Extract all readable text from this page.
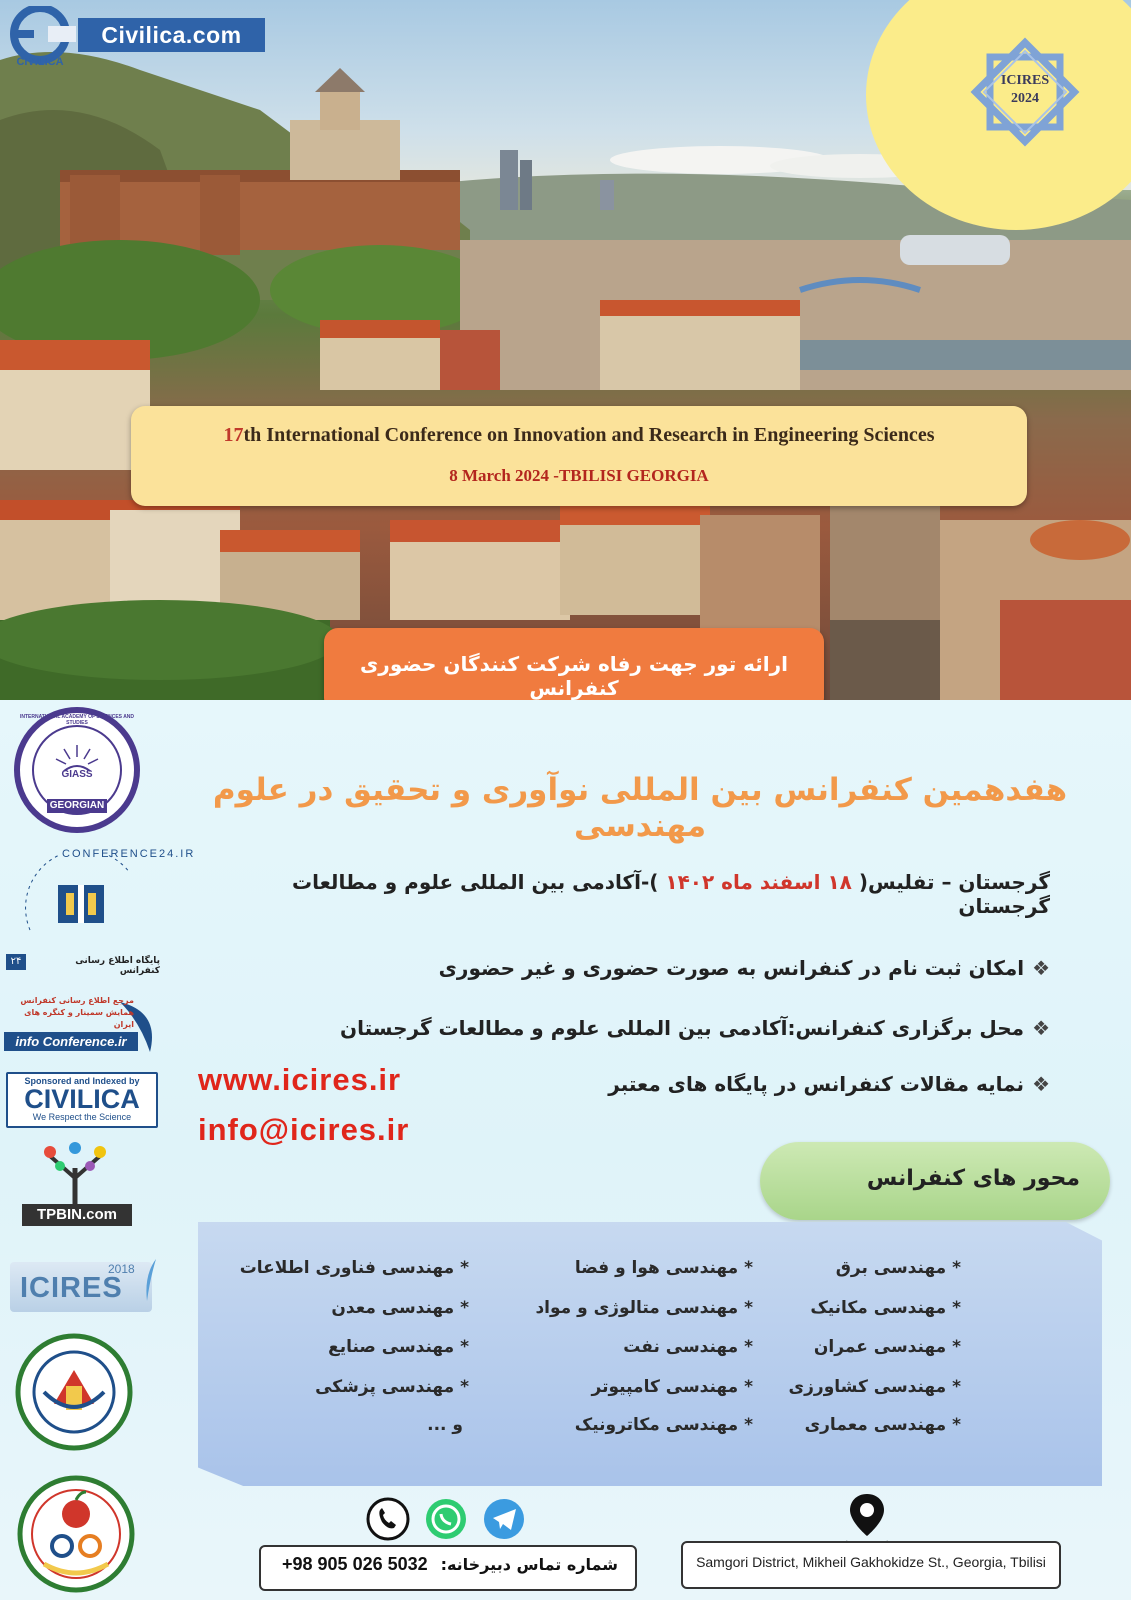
CIVILICA
Civilica.com
ICIRES
2024
17th International Conference on Innovation and Research in Engineering Sciences
8 March 2024 -TBILISI GEORGIA
ارائه تور جهت رفاه شرکت کنندگان حضوری کنفرانس
GIASS
INTERNATIONAL ACADEMY OF SCIENCES AND STUDIES
GEORGIAN
CONFERENCE24.IR
پایگاه اطلاع رسانی کنفرانس
۲۴
مرجع اطلاع رسانی کنفرانس همایش سمینار و کنگره های ایران
info Conference.ir
Sponsored and Indexed by
CIVILICA
We Respect the Science
TPBIN.com
ICIRES
2018
هفدهمین کنفرانس بین المللی نوآوری و تحقیق در علوم مهندسی
گرجستان – تفلیس( ۱۸ اسفند ماه ۱۴۰۲ )-آکادمی بین المللی علوم و مطالعات گرجستان
❖امکان ثبت نام در کنفرانس به صورت حضوری و غیر حضوری
❖محل برگزاری کنفرانس:آکادمی بین المللی علوم و مطالعات گرجستان
❖نمایه مقالات کنفرانس در پایگاه های معتبر
www.icires.ir
info@icires.ir
محور های کنفرانس
* مهندسی برق
* مهندسی مکانیک
* مهندسی عمران
* مهندسی کشاورزی
* مهندسی معماری
* مهندسی هوا و فضا
* مهندسی متالوژی و مواد
* مهندسی نفت
* مهندسی کامپیوتر
* مهندسی مکاترونیک
* مهندسی فناوری اطلاعات
* مهندسی معدن
* مهندسی صنایع
* مهندسی پزشکی
و ...
شماره تماس دبیرخانه:
+98 905 026 5032	Samgori District, Mikheil Gakhokidze St., Georgia, Tbilisi
